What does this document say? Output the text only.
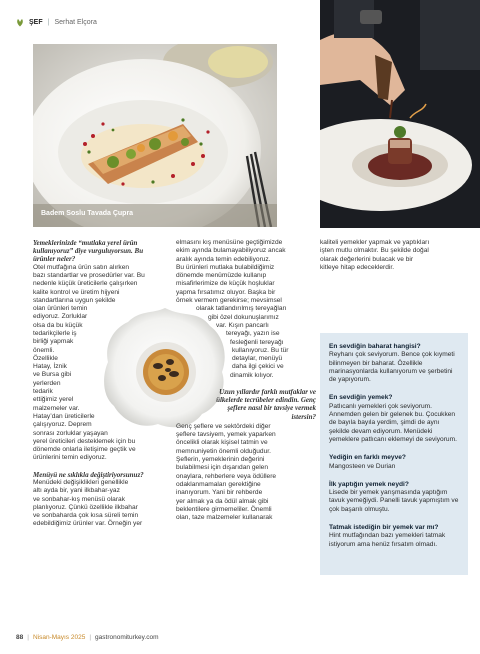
ŞEF | Serhat Elçora
Badem Soslu Tavada Çupra

Yemeklerinizde “mutlaka yerel ürün kullanıyoruz” diye vurguluyorsun. Bu ürünler neler?

Otel mutfağına ürün satın alırken

bazı standartlar ve prosedürler var. Bu

nedenle küçük üreticilerle çalışırken

kalite kontrol ve üretim hijyeni

standartlarına uygun şekilde

olan ürünleri temin

ediyoruz. Zorluklar

olsa da bu küçük

tedarikçilerle iş

birliği yapmak

önemli.

Özellikle

Hatay, İznik

ve Bursa gibi

yerlerden

tedarik

ettiğimiz yerel

malzemeler var.

Hatay’dan üreticilerle

çalışıyoruz. Deprem

sonrası zorluklar yaşayan

yerel üreticileri desteklemek için bu

dönemde onlarla iletişime geçtik ve

ürünlerini temin ediyoruz.

Menüyü ne sıklıkla değiştiriyorsunuz?

Menüdeki değişiklikleri genellikle

altı ayda bir, yani ilkbahar-yaz

ve sonbahar-kış menüsü olarak

planlıyoruz. Çünkü özellikle ilkbahar

ve sonbaharda çok kısa süreli temin

edebildiğimiz ürünler var. Örneğin yer

elmasını kış menüsüne geçtiğimizde

ekim ayında bulamayabiliyoruz ancak

aralık ayında temin edebiliyoruz.

Bu ürünleri mutlaka bulabildiğimiz

dönemde menümüzde kullanıp

misafirlerimize de küçük hoşluklar

yapma fırsatımız oluyor. Başka bir

örnek vermem gerekirse; mevsimsel

olarak tatlandırılmış tereyağları

gibi özel dokunuşlarımız

var. Kışın pancarlı

tereyağı, yazın ise

fesleğenli tereyağı

kullanıyoruz. Bu tür

detaylar, menüyü

daha ilgi çekici ve

dinamik kılıyor.

Uzun yıllardır farklı mutfaklar ve ülkelerde tecrübeler edindin. Genç şeflere nasıl bir tavsiye vermek istersin?

Genç şeflere ve sektördeki diğer

şeflere tavsiyem, yemek yaparken

öncelikli olarak kişisel tatmin ve

memnuniyetin önemli olduğudur.

Şeflerin, yemeklerinin değerini

bulabilmesi için dışarıdan gelen

onaylara, rehberlere veya ödüllere

odaklanmamaları gerektiğine

inanıyorum. Yani bir rehberde

yer almak ya da ödül almak gibi

beklentilere girmemeliler. Önemli

olan, taze malzemeler kullanarak

kaliteli yemekler yapmak ve yaptıkları

işten mutlu olmaktır. Bu şekilde doğal

olarak değerlerini bulacak ve bir

kitleye hitap edeceklerdir.

En sevdiğin baharat hangisi?

Reyhanı çok seviyorum. Bence çok kıymeti bilinmeyen bir baharat. Özellikle marinasyonlarda kullanıyorum ve şerbetini de yapıyorum.

En sevdiğin yemek?

Patlıcanlı yemekleri çok seviyorum. Annemden gelen bir gelenek bu. Çocukken de bayıla bayıla yerdim, şimdi de aynı şekilde devam ediyorum. Menüdeki yemeklere patlıcanı eklemeyi de seviyorum.

Yediğin en farklı meyve?

Mangosteen ve Durian

İlk yaptığın yemek neydi?

Lisede bir yemek yarışmasında yaptığım tavuk yemeğiydi. Panelli tavuk yapmıştım ve çok başarılı olmuştu.

Tatmak istediğin bir yemek var mı?

Hint mutfağından bazı yemekleri tatmak istiyorum ama henüz fırsatım olmadı.

88 | Nisan-Mayıs 2025 | gastronomiturkey.com
